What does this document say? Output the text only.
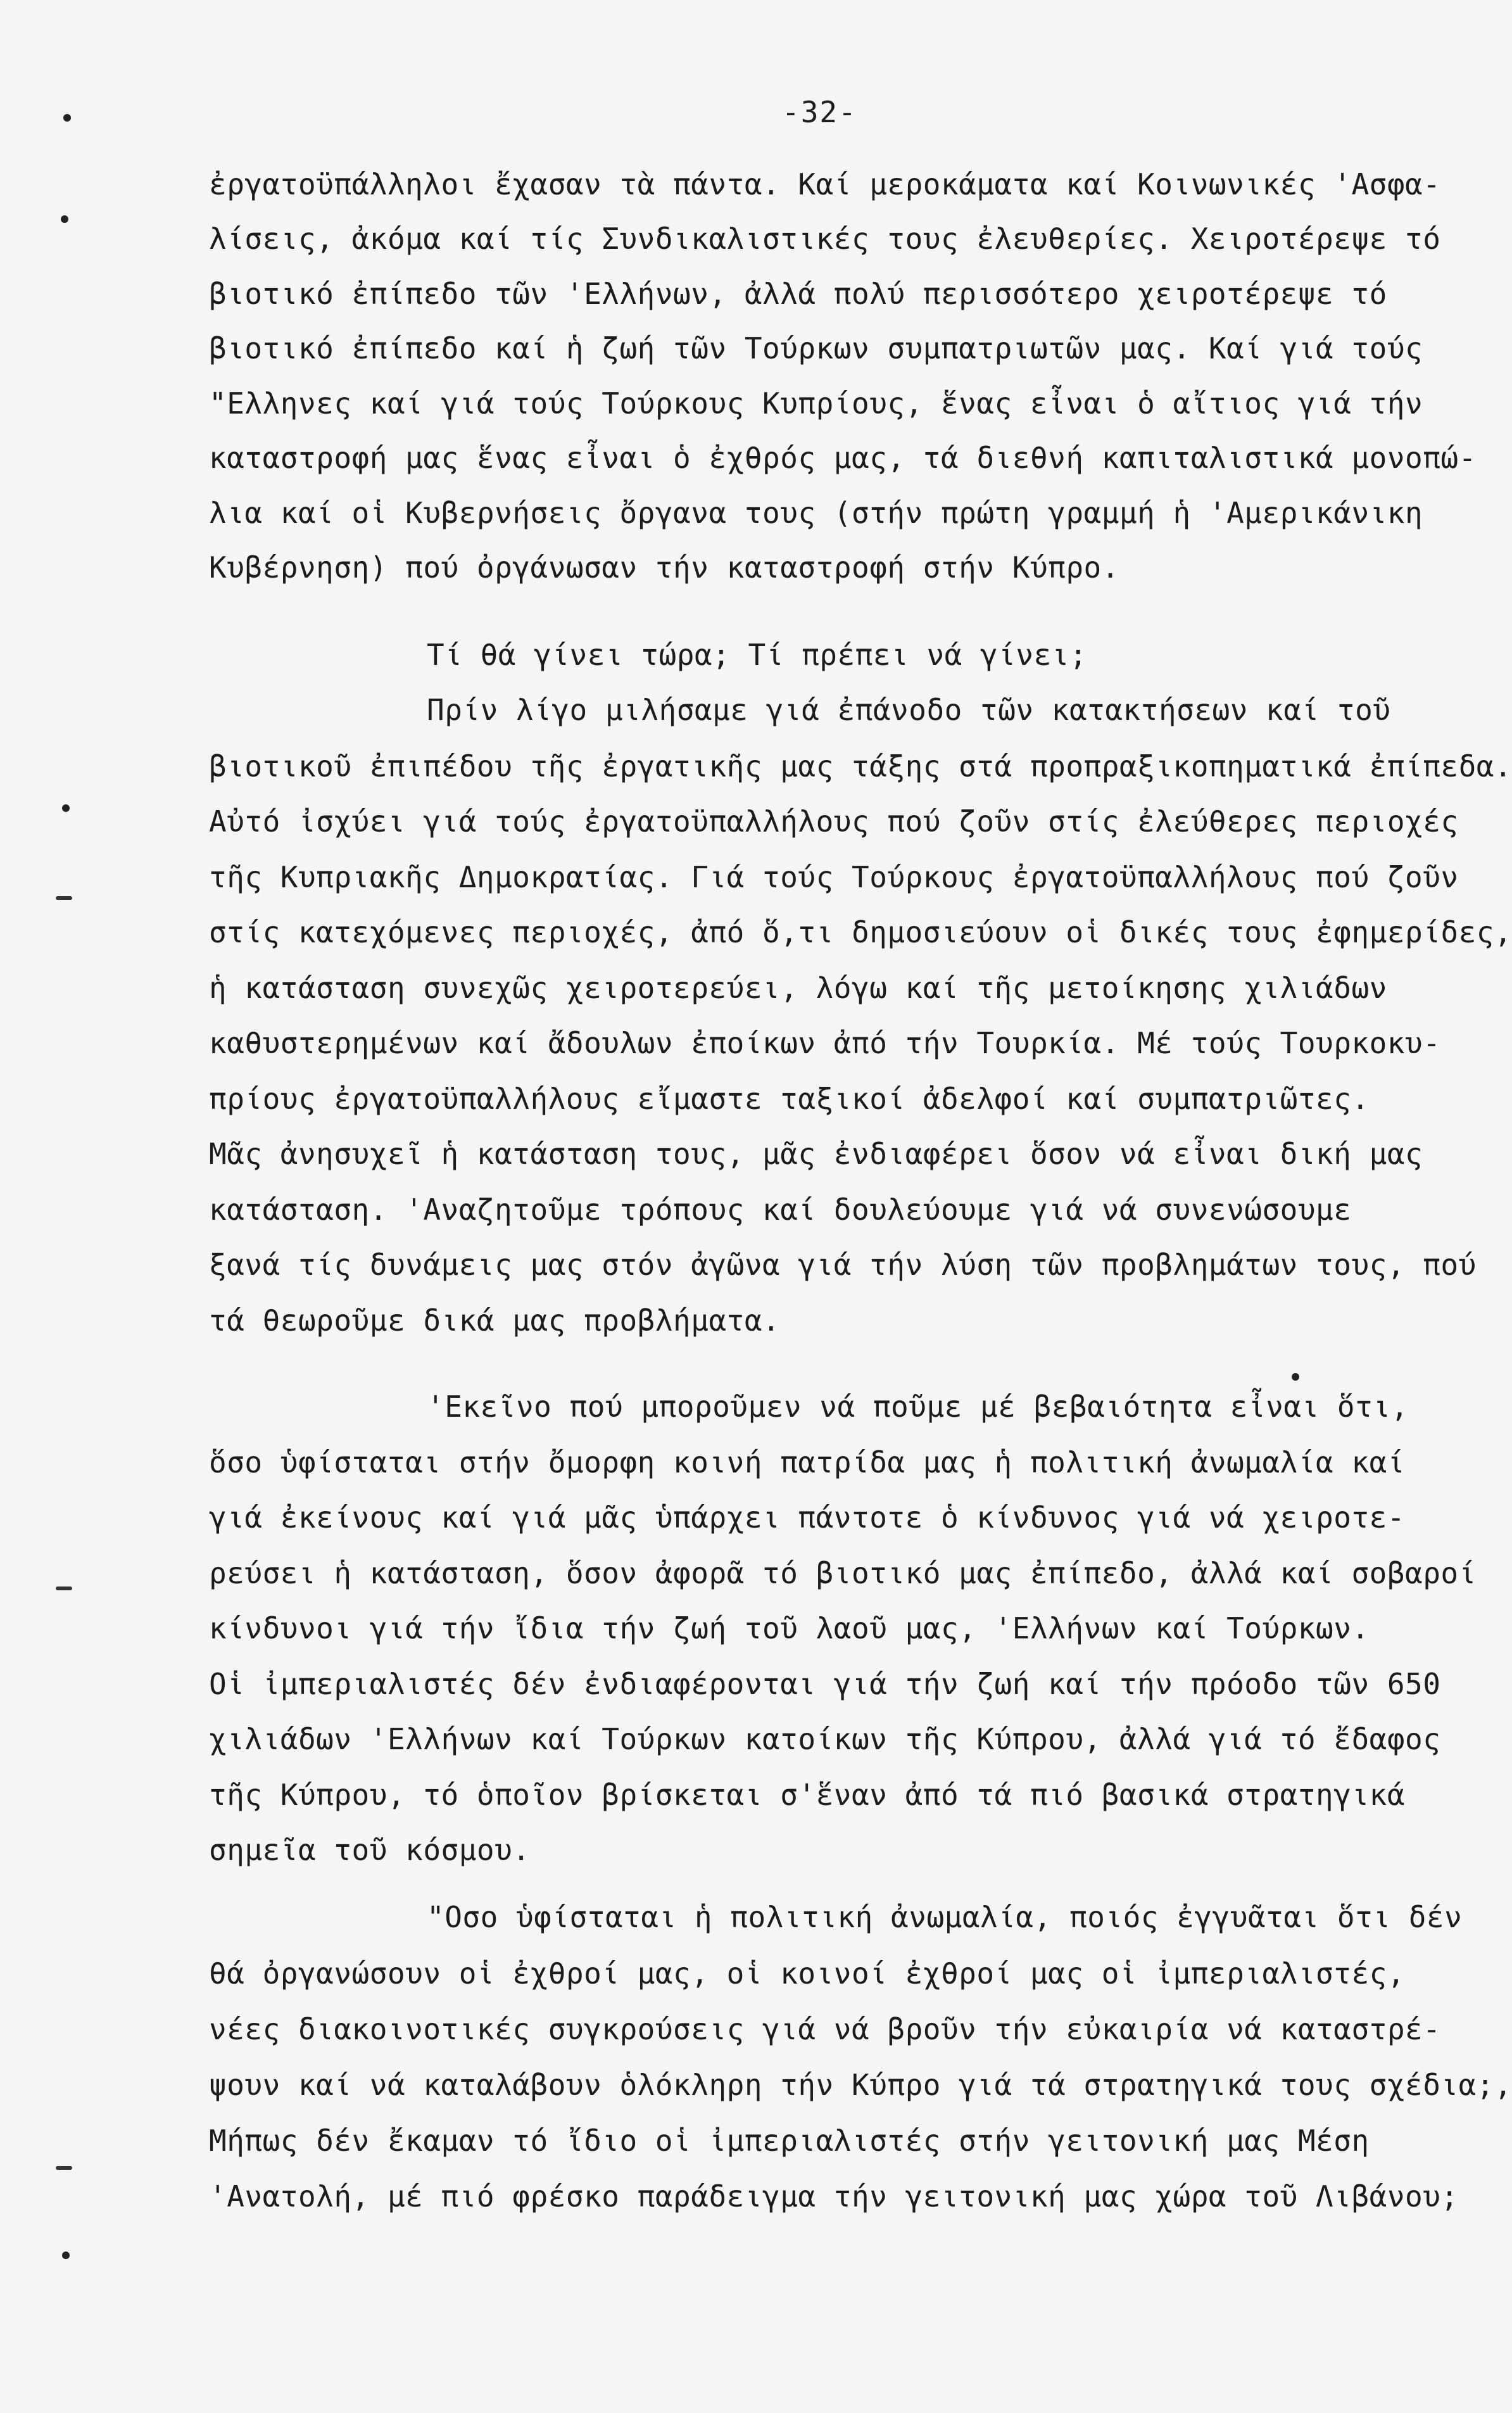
-32-
ἐργατοϋπάλληλοι ἔχασαν τὰ πάντα. Καί μεροκάματα καί Κοινωνικές 'Ασφα-
λίσεις, ἀκόμα καί τίς Συνδικαλιστικές τους ἐλευθερίες. Χειροτέρεψε τό
βιοτικό ἐπίπεδο τῶν 'Ελλήνων, ἀλλά πολύ περισσότερο χειροτέρεψε τό
βιοτικό ἐπίπεδο καί ἡ ζωή τῶν Τούρκων συμπατριωτῶν μας. Καί γιά τούς
"Ελληνες καί γιά τούς Τούρκους Κυπρίους, ἕνας εἶναι ὁ αἴτιος γιά τήν
καταστροφή μας ἕνας εἶναι ὁ ἐχθρός μας, τά διεθνή καπιταλιστικά μονοπώ-
λια καί οἱ Κυβερνήσεις ὄργανα τους (στήν πρώτη γραμμή ἡ 'Αμερικάνικη
Κυβέρνηση) πού ὀργάνωσαν τήν καταστροφή στήν Κύπρο.
Τί θά γίνει τώρα; Τί πρέπει νά γίνει;
Πρίν λίγο μιλήσαμε γιά ἐπάνοδο τῶν κατακτήσεων καί τοῦ
βιοτικοῦ ἐπιπέδου τῆς ἐργατικῆς μας τάξης στά προπραξικοπηματικά ἐπίπεδα.
Αὐτό ἰσχύει γιά τούς ἐργατοϋπαλλήλους πού ζοῦν στίς ἐλεύθερες περιοχές
τῆς Κυπριακῆς Δημοκρατίας. Γιά τούς Τούρκους ἐργατοϋπαλλήλους πού ζοῦν
στίς κατεχόμενες περιοχές, ἀπό ὅ,τι δημοσιεύουν οἱ δικές τους ἐφημερίδες,
ἡ κατάσταση συνεχῶς χειροτερεύει, λόγω καί τῆς μετοίκησης χιλιάδων
καθυστερημένων καί ἄδουλων ἐποίκων ἀπό τήν Τουρκία. Μέ τούς Τουρκοκυ-
πρίους ἐργατοϋπαλλήλους εἴμαστε ταξικοί ἀδελφοί καί συμπατριῶτες.
Μᾶς ἀνησυχεῖ ἡ κατάσταση τους, μᾶς ἐνδιαφέρει ὅσον νά εἶναι δική μας
κατάσταση. 'Αναζητοῦμε τρόπους καί δουλεύουμε γιά νά συνενώσουμε
ξανά τίς δυνάμεις μας στόν ἀγῶνα γιά τήν λύση τῶν προβλημάτων τους, πού
τά θεωροῦμε δικά μας προβλήματα.
'Εκεῖνο πού μποροῦμεν νά ποῦμε μέ βεβαιότητα εἶναι ὅτι,
ὅσο ὑφίσταται στήν ὄμορφη κοινή πατρίδα μας ἡ πολιτική ἀνωμαλία καί
γιά ἐκείνους καί γιά μᾶς ὑπάρχει πάντοτε ὁ κίνδυνος γιά νά χειροτε-
ρεύσει ἡ κατάσταση, ὅσον ἀφορᾶ τό βιοτικό μας ἐπίπεδο, ἀλλά καί σοβαροί
κίνδυνοι γιά τήν ἴδια τήν ζωή τοῦ λαοῦ μας, 'Ελλήνων καί Τούρκων.
Οἱ ἰμπεριαλιστές δέν ἐνδιαφέρονται γιά τήν ζωή καί τήν πρόοδο τῶν 650
χιλιάδων 'Ελλήνων καί Τούρκων κατοίκων τῆς Κύπρου, ἀλλά γιά τό ἔδαφος
τῆς Κύπρου, τό ὁποῖον βρίσκεται σ'ἕναν ἀπό τά πιό βασικά στρατηγικά
σημεῖα τοῦ κόσμου.
"Οσο ὑφίσταται ἡ πολιτική ἀνωμαλία, ποιός ἐγγυᾶται ὅτι δέν
θά ὀργανώσουν οἱ ἐχθροί μας, οἱ κοινοί ἐχθροί μας οἱ ἰμπεριαλιστές,
νέες διακοινοτικές συγκρούσεις γιά νά βροῦν τήν εὐκαιρία νά καταστρέ-
ψουν καί νά καταλάβουν ὁλόκληρη τήν Κύπρο γιά τά στρατηγικά τους σχέδια;,
Μήπως δέν ἔκαμαν τό ἴδιο οἱ ἰμπεριαλιστές στήν γειτονική μας Μέση
'Ανατολή, μέ πιό φρέσκο παράδειγμα τήν γειτονική μας χώρα τοῦ Λιβάνου;
